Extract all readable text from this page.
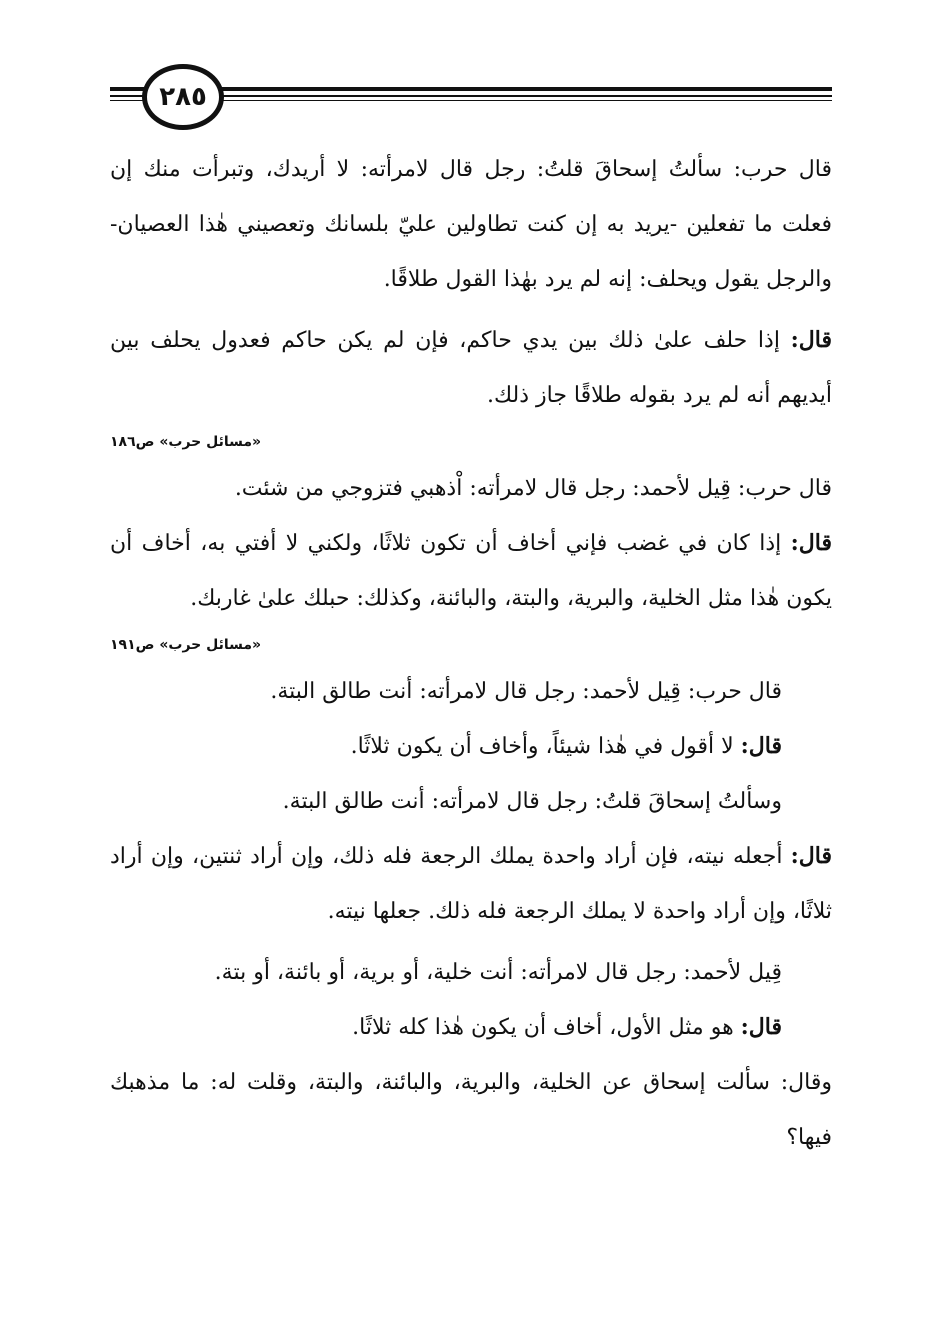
٢٨٥

قال حرب: سألتُ إسحاقَ قلتُ: رجل قال لامرأته: لا أريدك، وتبرأت منك إن فعلت ما تفعلين -يريد به إن كنت تطاولين عليّ بلسانك وتعصيني هٰذا العصيان- والرجل يقول ويحلف: إنه لم يرد بهٰذا القول طلاقًا.

قال: إذا حلف علىٰ ذلك بين يدي حاكم، فإن لم يكن حاكم فعدول يحلف بين أيديهم أنه لم يرد بقوله طلاقًا جاز ذلك.

«مسائل حرب» ص١٨٦

قال حرب: قِيل لأحمد: رجل قال لامرأته: اْذهبي فتزوجي من شئت.

قال: إذا كان في غضب فإني أخاف أن تكون ثلاثًا، ولكني لا أفتي به، أخاف أن يكون هٰذا مثل الخلية، والبرية، والبتة، والبائنة، وكذلك: حبلك علىٰ غاربك.

«مسائل حرب» ص١٩١

قال حرب: قِيل لأحمد: رجل قال لامرأته: أنت طالق البتة.

قال: لا أقول في هٰذا شيئاً، وأخاف أن يكون ثلاثًا.

وسألتُ إسحاقَ قلتُ: رجل قال لامرأته: أنت طالق البتة.

قال: أجعله نيته، فإن أراد واحدة يملك الرجعة فله ذلك، وإن أراد ثنتين، وإن أراد ثلاثًا، وإن أراد واحدة لا يملك الرجعة فله ذلك. جعلها نيته.

قِيل لأحمد: رجل قال لامرأته: أنت خلية، أو برية، أو بائنة، أو بتة.

قال: هو مثل الأول، أخاف أن يكون هٰذا كله ثلاثًا.

وقال: سألت إسحاق عن الخلية، والبرية، والبائنة، والبتة، وقلت له: ما مذهبك فيها؟
